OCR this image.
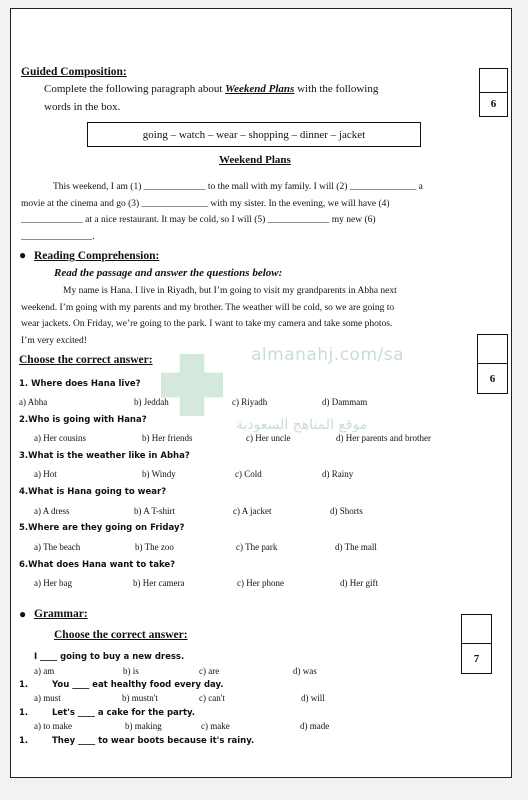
Guided Composition:
Complete the following paragraph about Weekend Plans with the following
words in the box.	6
going – watch – wear – shopping – dinner – jacket
Weekend Plans
This weekend, I am (1) _____________ to the mall with my family. I will (2) ______________ a
movie at the cinema and go (3) ______________ with my sister. In the evening, we will have (4)
_____________ at a nice restaurant. It may be cold, so I will (5) _____________ my new (6)
_______________.
● Reading Comprehension:
Read the passage and answer the questions below:
My name is Hana. I live in Riyadh, but I’m going to visit my grandparents in Abha next
weekend. I’m going with my parents and my brother. The weather will be cold, so we are going to
wear jackets. On Friday, we’re going to the park. I want to take my camera and take some photos.
I’m very excited!
Choose the correct answer:
6
almanahj.com/sa
موقع المناهج السعودية
1. Where does Hana live?
a) Abha	b) Jeddah	c) Riyadh	d) Dammam
2.Who is going with Hana?
a) Her cousins	b) Her friends	c) Her uncle	d) Her parents and brother
3.What is the weather like in Abha?
a) Hot	b) Windy	c) Cold	d) Rainy
4.What is Hana going to wear?
a) A dress	b) A T-shirt	c) A jacket	d) Shorts
5.Where are they going on Friday?
a) The beach	b) The zoo	c) The park	d) The mall
6.What does Hana want to take?
a) Her bag	b) Her camera	c) Her phone	d) Her gift
● Grammar:
Choose the correct answer:
7
I ____ going to buy a new dress.
a) am	b) is	c) are	d) was
1.	You ____ eat healthy food every day.
a) must	b) mustn't	c) can't	d) will
1.	Let's ____ a cake for the party.
a) to make	b) making	c) make	d) made
1.	They ____ to wear boots because it's rainy.
